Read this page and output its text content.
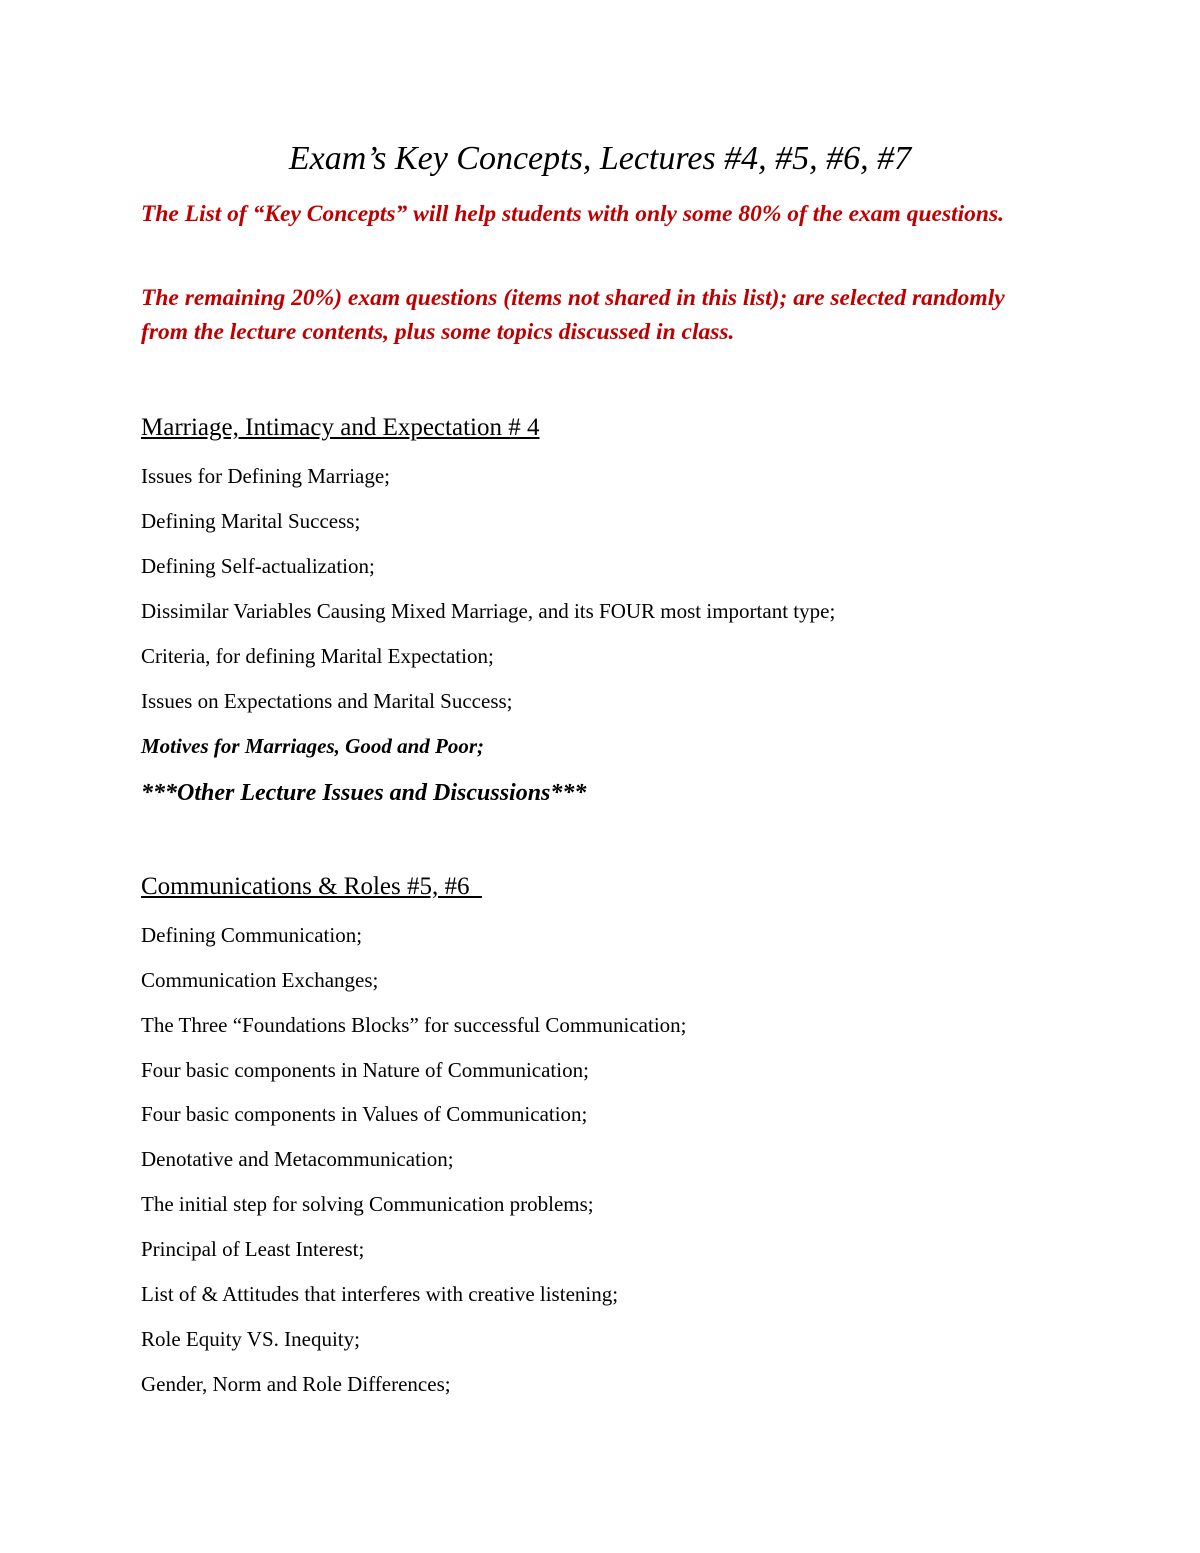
Exam’s Key Concepts, Lectures #4, #5, #6, #7

The List of “Key Concepts” will help students with only some 80% of the exam questions.

The remaining 20%) exam questions (items not shared in this list); are selected randomly from the lecture contents, plus some topics discussed in class.

Marriage, Intimacy and Expectation # 4
Issues for Defining Marriage;
Defining Marital Success;
Defining Self-actualization;
Dissimilar Variables Causing Mixed Marriage, and its FOUR most important type;
Criteria, for defining Marital Expectation;
Issues on Expectations and Marital Success;
Motives for Marriages, Good and Poor;
***Other Lecture Issues and Discussions***
Communications & Roles #5, #6
Defining Communication;
Communication Exchanges;
The Three “Foundations Blocks” for successful Communication;
Four basic components in Nature of Communication;
Four basic components in Values of Communication;
Denotative and Metacommunication;
The initial step for solving Communication problems;
Principal of Least Interest;
List of & Attitudes that interferes with creative listening;
Role Equity VS. Inequity;
Gender, Norm and Role Differences;
